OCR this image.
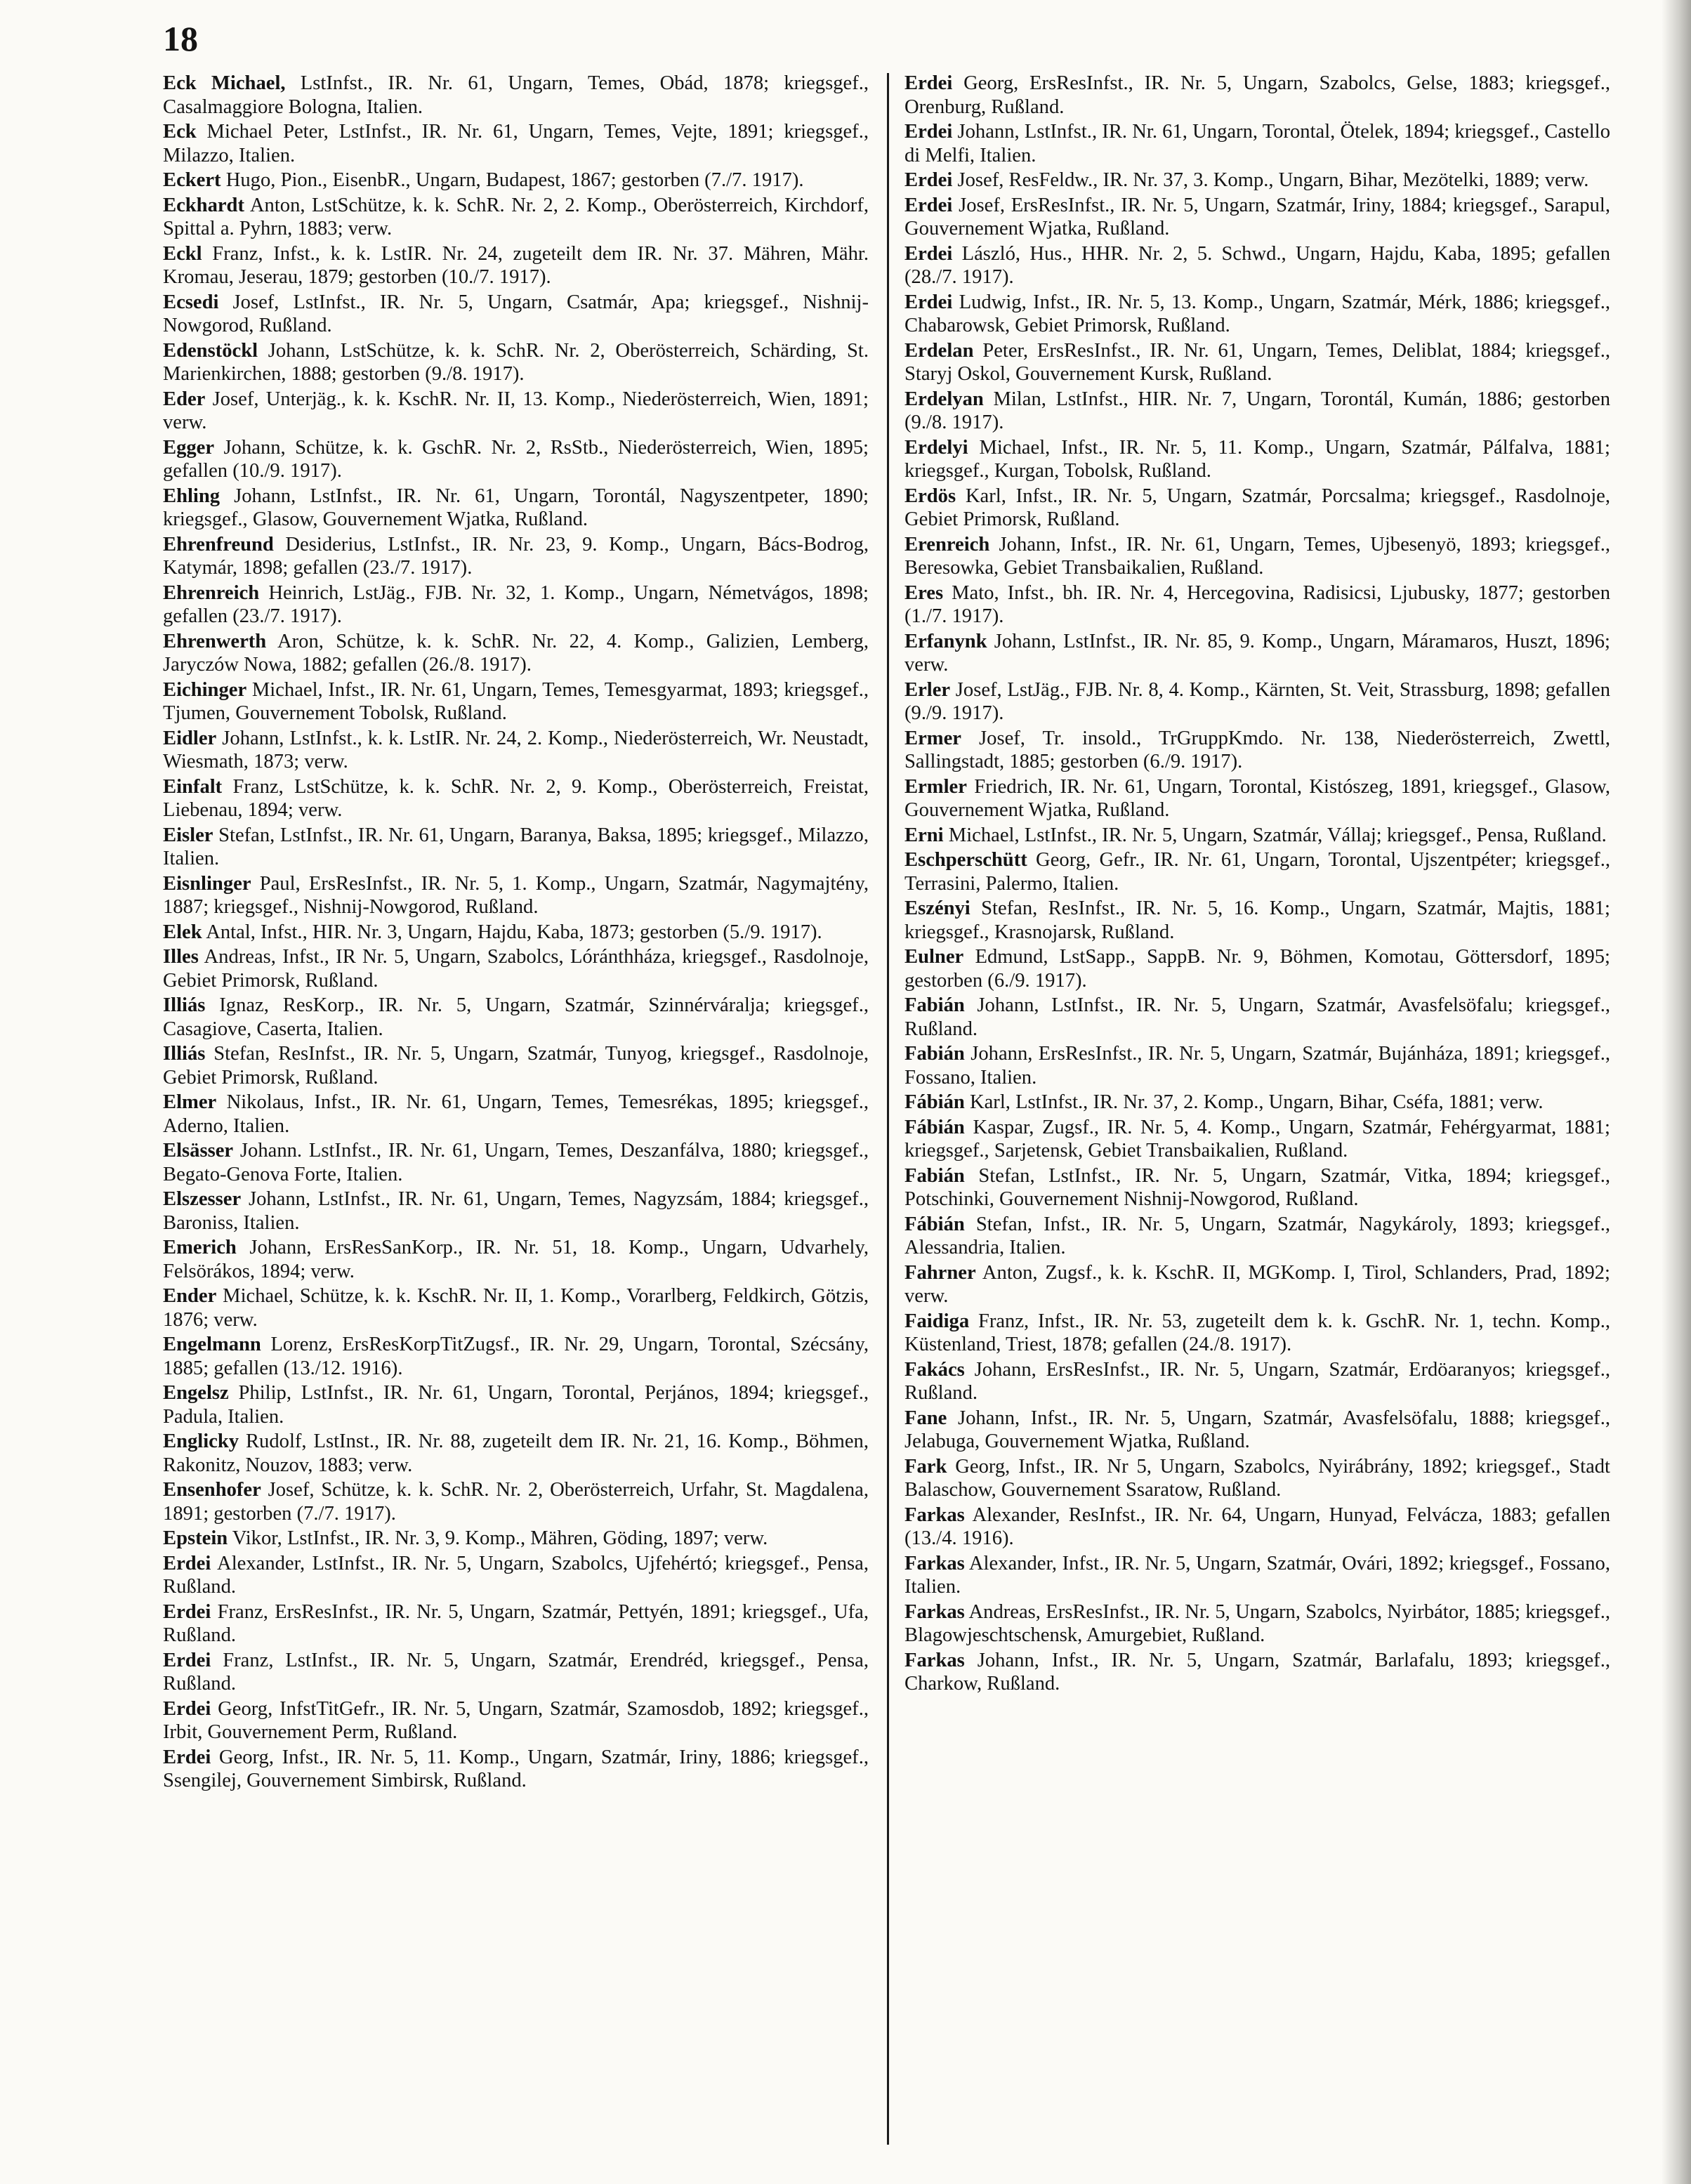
18
Eck Michael, LstInfst., IR. Nr. 61, Ungarn, Temes, Obád, 1878; kriegsgef., Casalmaggiore Bologna, Italien.
Eck Michael Peter, LstInfst., IR. Nr. 61, Ungarn, Temes, Vejte, 1891; kriegsgef., Milazzo, Italien.
Eckert Hugo, Pion., EisenbR., Ungarn, Budapest, 1867; gestorben (7./7. 1917).
Eckhardt Anton, LstSchütze, k. k. SchR. Nr. 2, 2. Komp., Oberösterreich, Kirchdorf, Spittal a. Pyhrn, 1883; verw.
Eckl Franz, Infst., k. k. LstIR. Nr. 24, zugeteilt dem IR. Nr. 37. Mähren, Mähr. Kromau, Jeserau, 1879; gestorben (10./7. 1917).
Ecsedi Josef, LstInfst., IR. Nr. 5, Ungarn, Csatmár, Apa; kriegsgef., Nishnij-Nowgorod, Rußland.
Edenstöckl Johann, LstSchütze, k. k. SchR. Nr. 2, Oberösterreich, Schärding, St. Marienkirchen, 1888; gestorben (9./8. 1917).
Eder Josef, Unterjäg., k. k. KschR. Nr. II, 13. Komp., Niederösterreich, Wien, 1891; verw.
Egger Johann, Schütze, k. k. GschR. Nr. 2, RsStb., Niederösterreich, Wien, 1895; gefallen (10./9. 1917).
Ehling Johann, LstInfst., IR. Nr. 61, Ungarn, Torontál, Nagyszentpeter, 1890; kriegsgef., Glasow, Gouvernement Wjatka, Rußland.
Ehrenfreund Desiderius, LstInfst., IR. Nr. 23, 9. Komp., Ungarn, Bács-Bodrog, Katymár, 1898; gefallen (23./7. 1917).
Ehrenreich Heinrich, LstJäg., FJB. Nr. 32, 1. Komp., Ungarn, Németvágos, 1898; gefallen (23./7. 1917).
Ehrenwerth Aron, Schütze, k. k. SchR. Nr. 22, 4. Komp., Galizien, Lemberg, Jaryczów Nowa, 1882; gefallen (26./8. 1917).
Eichinger Michael, Infst., IR. Nr. 61, Ungarn, Temes, Temesgyarmat, 1893; kriegsgef., Tjumen, Gouvernement Tobolsk, Rußland.
Eidler Johann, LstInfst., k. k. LstIR. Nr. 24, 2. Komp., Niederösterreich, Wr. Neustadt, Wiesmath, 1873; verw.
Einfalt Franz, LstSchütze, k. k. SchR. Nr. 2, 9. Komp., Oberösterreich, Freistat, Liebenau, 1894; verw.
Eisler Stefan, LstInfst., IR. Nr. 61, Ungarn, Baranya, Baksa, 1895; kriegsgef., Milazzo, Italien.
Eisnlinger Paul, ErsResInfst., IR. Nr. 5, 1. Komp., Ungarn, Szatmár, Nagymajtény, 1887; kriegsgef., Nishnij-Nowgorod, Rußland.
Elek Antal, Infst., HIR. Nr. 3, Ungarn, Hajdu, Kaba, 1873; gestorben (5./9. 1917).
Illes Andreas, Infst., IR Nr. 5, Ungarn, Szabolcs, Lóránthháza, kriegsgef., Rasdolnoje, Gebiet Primorsk, Rußland.
Illiás Ignaz, ResKorp., IR. Nr. 5, Ungarn, Szatmár, Szinnérváralja; kriegsgef., Casagiove, Caserta, Italien.
Illiás Stefan, ResInfst., IR. Nr. 5, Ungarn, Szatmár, Tunyog, kriegsgef., Rasdolnoje, Gebiet Primorsk, Rußland.
Elmer Nikolaus, Infst., IR. Nr. 61, Ungarn, Temes, Temesrékas, 1895; kriegsgef., Aderno, Italien.
Elsässer Johann. LstInfst., IR. Nr. 61, Ungarn, Temes, Deszanfálva, 1880; kriegsgef., Begato-Genova Forte, Italien.
Elszesser Johann, LstInfst., IR. Nr. 61, Ungarn, Temes, Nagyzsám, 1884; kriegsgef., Baroniss, Italien.
Emerich Johann, ErsResSanKorp., IR. Nr. 51, 18. Komp., Ungarn, Udvarhely, Felsörákos, 1894; verw.
Ender Michael, Schütze, k. k. KschR. Nr. II, 1. Komp., Vorarlberg, Feldkirch, Götzis, 1876; verw.
Engelmann Lorenz, ErsResKorpTitZugsf., IR. Nr. 29, Ungarn, Torontal, Szécsány, 1885; gefallen (13./12. 1916).
Engelsz Philip, LstInfst., IR. Nr. 61, Ungarn, Torontal, Perjános, 1894; kriegsgef., Padula, Italien.
Englicky Rudolf, LstInst., IR. Nr. 88, zugeteilt dem IR. Nr. 21, 16. Komp., Böhmen, Rakonitz, Nouzov, 1883; verw.
Ensenhofer Josef, Schütze, k. k. SchR. Nr. 2, Oberösterreich, Urfahr, St. Magdalena, 1891; gestorben (7./7. 1917).
Epstein Vikor, LstInfst., IR. Nr. 3, 9. Komp., Mähren, Göding, 1897; verw.
Erdei Alexander, LstInfst., IR. Nr. 5, Ungarn, Szabolcs, Ujfehértó; kriegsgef., Pensa, Rußland.
Erdei Franz, ErsResInfst., IR. Nr. 5, Ungarn, Szatmár, Pettyén, 1891; kriegsgef., Ufa, Rußland.
Erdei Franz, LstInfst., IR. Nr. 5, Ungarn, Szatmár, Erendréd, kriegsgef., Pensa, Rußland.
Erdei Georg, InfstTitGefr., IR. Nr. 5, Ungarn, Szatmár, Szamosdob, 1892; kriegsgef., Irbit, Gouvernement Perm, Rußland.
Erdei Georg, Infst., IR. Nr. 5, 11. Komp., Ungarn, Szatmár, Iriny, 1886; kriegsgef., Ssengilej, Gouvernement Simbirsk, Rußland.
Erdei Georg, ErsResInfst., IR. Nr. 5, Ungarn, Szabolcs, Gelse, 1883; kriegsgef., Orenburg, Rußland.
Erdei Johann, LstInfst., IR. Nr. 61, Ungarn, Torontal, Ötelek, 1894; kriegsgef., Castello di Melfi, Italien.
Erdei Josef, ResFeldw., IR. Nr. 37, 3. Komp., Ungarn, Bihar, Mezötelki, 1889; verw.
Erdei Josef, ErsResInfst., IR. Nr. 5, Ungarn, Szatmár, Iriny, 1884; kriegsgef., Sarapul, Gouvernement Wjatka, Rußland.
Erdei László, Hus., HHR. Nr. 2, 5. Schwd., Ungarn, Hajdu, Kaba, 1895; gefallen (28./7. 1917).
Erdei Ludwig, Infst., IR. Nr. 5, 13. Komp., Ungarn, Szatmár, Mérk, 1886; kriegsgef., Chabarowsk, Gebiet Primorsk, Rußland.
Erdelan Peter, ErsResInfst., IR. Nr. 61, Ungarn, Temes, Deliblat, 1884; kriegsgef., Staryj Oskol, Gouvernement Kursk, Rußland.
Erdelyan Milan, LstInfst., HIR. Nr. 7, Ungarn, Torontál, Kumán, 1886; gestorben (9./8. 1917).
Erdelyi Michael, Infst., IR. Nr. 5, 11. Komp., Ungarn, Szatmár, Pálfalva, 1881; kriegsgef., Kurgan, Tobolsk, Rußland.
Erdös Karl, Infst., IR. Nr. 5, Ungarn, Szatmár, Porcsalma; kriegsgef., Rasdolnoje, Gebiet Primorsk, Rußland.
Erenreich Johann, Infst., IR. Nr. 61, Ungarn, Temes, Ujbesenyö, 1893; kriegsgef., Beresowka, Gebiet Transbaikalien, Rußland.
Eres Mato, Infst., bh. IR. Nr. 4, Hercegovina, Radisicsi, Ljubusky, 1877; gestorben (1./7. 1917).
Erfanynk Johann, LstInfst., IR. Nr. 85, 9. Komp., Ungarn, Máramaros, Huszt, 1896; verw.
Erler Josef, LstJäg., FJB. Nr. 8, 4. Komp., Kärnten, St. Veit, Strassburg, 1898; gefallen (9./9. 1917).
Ermer Josef, Tr. insold., TrGruppKmdo. Nr. 138, Niederösterreich, Zwettl, Sallingstadt, 1885; gestorben (6./9. 1917).
Ermler Friedrich, IR. Nr. 61, Ungarn, Torontal, Kistószeg, 1891, kriegsgef., Glasow, Gouvernement Wjatka, Rußland.
Erni Michael, LstInfst., IR. Nr. 5, Ungarn, Szatmár, Vállaj; kriegsgef., Pensa, Rußland.
Eschperschütt Georg, Gefr., IR. Nr. 61, Ungarn, Torontal, Ujszentpéter; kriegsgef., Terrasini, Palermo, Italien.
Eszényi Stefan, ResInfst., IR. Nr. 5, 16. Komp., Ungarn, Szatmár, Majtis, 1881; kriegsgef., Krasnojarsk, Rußland.
Eulner Edmund, LstSapp., SappB. Nr. 9, Böhmen, Komotau, Göttersdorf, 1895; gestorben (6./9. 1917).
Fabián Johann, LstInfst., IR. Nr. 5, Ungarn, Szatmár, Avasfelsöfalu; kriegsgef., Rußland.
Fabián Johann, ErsResInfst., IR. Nr. 5, Ungarn, Szatmár, Bujánháza, 1891; kriegsgef., Fossano, Italien.
Fábián Karl, LstInfst., IR. Nr. 37, 2. Komp., Ungarn, Bihar, Cséfa, 1881; verw.
Fábián Kaspar, Zugsf., IR. Nr. 5, 4. Komp., Ungarn, Szatmár, Fehérgyarmat, 1881; kriegsgef., Sarjetensk, Gebiet Transbaikalien, Rußland.
Fabián Stefan, LstInfst., IR. Nr. 5, Ungarn, Szatmár, Vitka, 1894; kriegsgef., Potschinki, Gouvernement Nishnij-Nowgorod, Rußland.
Fábián Stefan, Infst., IR. Nr. 5, Ungarn, Szatmár, Nagykároly, 1893; kriegsgef., Alessandria, Italien.
Fahrner Anton, Zugsf., k. k. KschR. II, MGKomp. I, Tirol, Schlanders, Prad, 1892; verw.
Faidiga Franz, Infst., IR. Nr. 53, zugeteilt dem k. k. GschR. Nr. 1, techn. Komp., Küstenland, Triest, 1878; gefallen (24./8. 1917).
Fakács Johann, ErsResInfst., IR. Nr. 5, Ungarn, Szatmár, Erdöaranyos; kriegsgef., Rußland.
Fane Johann, Infst., IR. Nr. 5, Ungarn, Szatmár, Avasfelsöfalu, 1888; kriegsgef., Jelabuga, Gouvernement Wjatka, Rußland.
Fark Georg, Infst., IR. Nr 5, Ungarn, Szabolcs, Nyirábrány, 1892; kriegsgef., Stadt Balaschow, Gouvernement Ssaratow, Rußland.
Farkas Alexander, ResInfst., IR. Nr. 64, Ungarn, Hunyad, Felvácza, 1883; gefallen (13./4. 1916).
Farkas Alexander, Infst., IR. Nr. 5, Ungarn, Szatmár, Ovári, 1892; kriegsgef., Fossano, Italien.
Farkas Andreas, ErsResInfst., IR. Nr. 5, Ungarn, Szabolcs, Nyirbátor, 1885; kriegsgef., Blagowjeschtschensk, Amurgebiet, Rußland.
Farkas Johann, Infst., IR. Nr. 5, Ungarn, Szatmár, Barlafalu, 1893; kriegsgef., Charkow, Rußland.
